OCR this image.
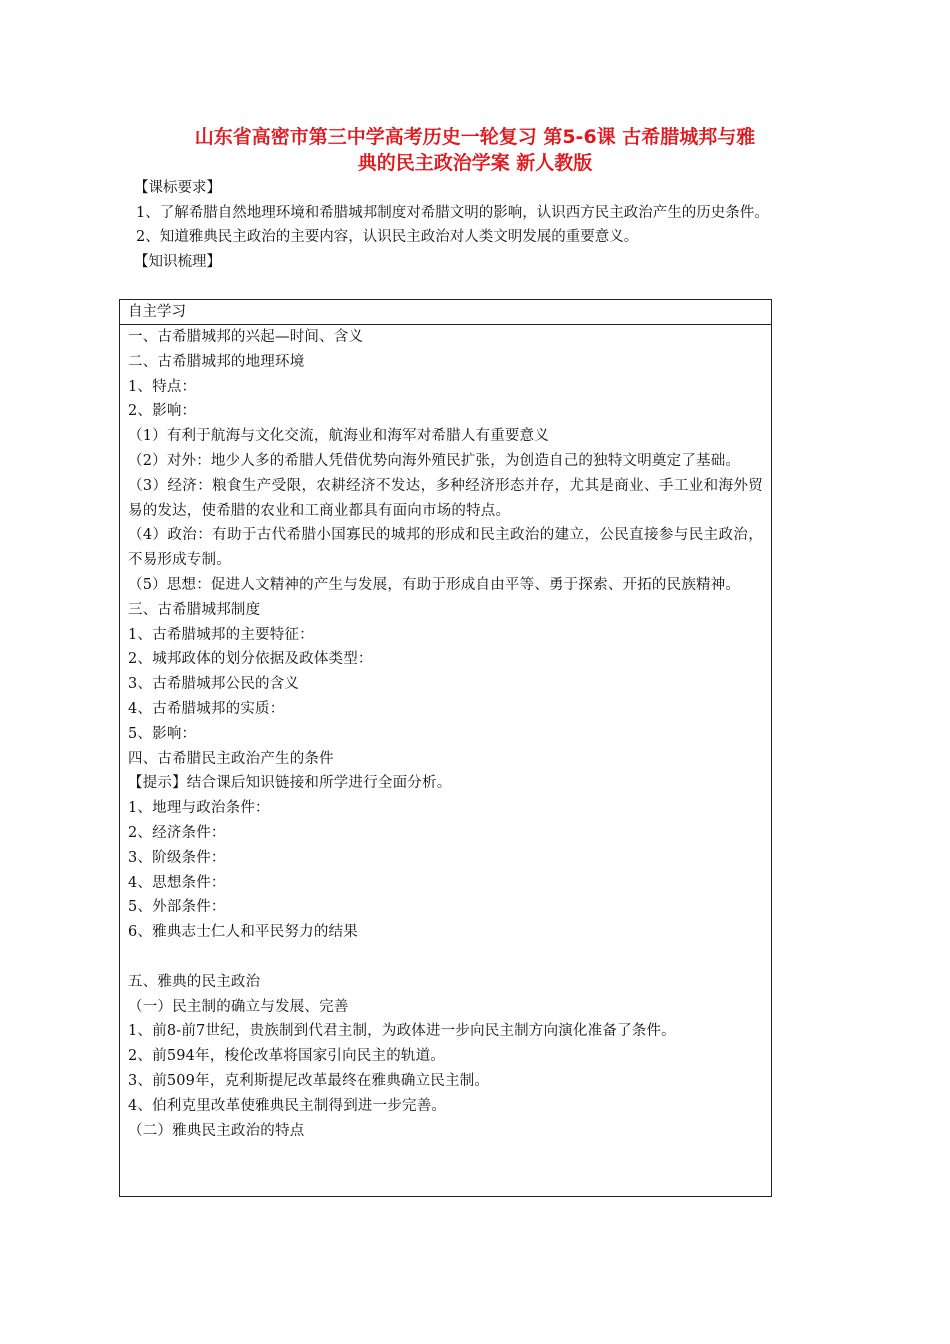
山东省高密市第三中学高考历史一轮复习 第5-6课 古希腊城邦与雅
典的民主政治学案 新人教版

【课标要求】

1、了解希腊自然地理环境和希腊城邦制度对希腊文明的影响，认识西方民主政治产生的历史条件。

2、知道雅典民主政治的主要内容，认识民主政治对人类文明发展的重要意义。

【知识梳理】

自主学习

一、古希腊城邦的兴起—时间、含义

二、古希腊城邦的地理环境

1、特点：

2、影响：

（1）有利于航海与文化交流，航海业和海军对希腊人有重要意义

（2）对外：地少人多的希腊人凭借优势向海外殖民扩张，为创造自己的独特文明奠定了基础。

（3）经济：粮食生产受限，农耕经济不发达，多种经济形态并存，尤其是商业、手工业和海外贸易的发达，使希腊的农业和工商业都具有面向市场的特点。

（4）政治：有助于古代希腊小国寡民的城邦的形成和民主政治的建立，公民直接参与民主政治，不易形成专制。

（5）思想：促进人文精神的产生与发展，有助于形成自由平等、勇于探索、开拓的民族精神。

三、古希腊城邦制度

1、古希腊城邦的主要特征：

2、城邦政体的划分依据及政体类型：

3、古希腊城邦公民的含义

4、古希腊城邦的实质：

5、影响：

四、古希腊民主政治产生的条件

【提示】结合课后知识链接和所学进行全面分析。

1、地理与政治条件：

2、经济条件：

3、阶级条件：

4、思想条件：

5、外部条件：

6、雅典志士仁人和平民努力的结果

五、雅典的民主政治

（一）民主制的确立与发展、完善

1、前8-前7世纪，贵族制到代君主制，为政体进一步向民主制方向演化准备了条件。

2、前594年，梭伦改革将国家引向民主的轨道。

3、前509年，克利斯提尼改革最终在雅典确立民主制。

4、伯利克里改革使雅典民主制得到进一步完善。

（二）雅典民主政治的特点
